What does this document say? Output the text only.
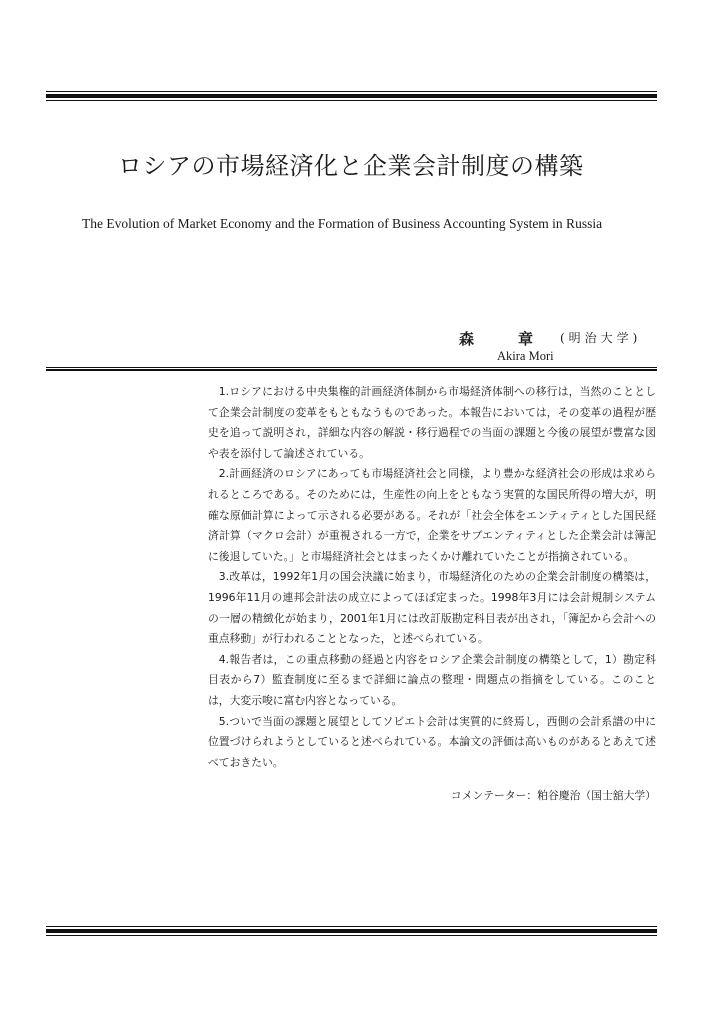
ロシアの市場経済化と企業会計制度の構築
The Evolution of Market Economy and the Formation of Business Accounting System in Russia
森章
(明治大学)
Akira Mori

1.ロシアにおける中央集権的計画経済体制から市場経済体制への移行は，当然のこととして企業会計制度の変革をもともなうものであった。本報告においては，その変革の過程が歴史を追って説明され，詳細な内容の解説・移行過程での当面の課題と今後の展望が豊富な図や表を添付して論述されている。

2.計画経済のロシアにあっても市場経済社会と同様，より豊かな経済社会の形成は求められるところである。そのためには，生産性の向上をともなう実質的な国民所得の増大が，明確な原価計算によって示される必要がある。それが「社会全体をエンティティとした国民経済計算（マクロ会計）が重視される一方で，企業をサブエンティティとした企業会計は簿記に後退していた。」と市場経済社会とはまったくかけ離れていたことが指摘されている。

3.改革は，1992年1月の国会決議に始まり，市場経済化のための企業会計制度の構築は，1996年11月の連邦会計法の成立によってほぼ定まった。1998年3月には会計規制システムの一層の精緻化が始まり，2001年1月には改訂版勘定科目表が出され，「簿記から会計への重点移動」が行われることとなった，と述べられている。

4.報告者は，この重点移動の経過と内容をロシア企業会計制度の構築として，1）勘定科目表から7）監査制度に至るまで詳細に論点の整理・問題点の指摘をしている。このことは，大変示唆に富む内容となっている。

5.ついで当面の課題と展望としてソビエト会計は実質的に終焉し，西側の会計系譜の中に位置づけられようとしていると述べられている。本論文の評価は高いものがあるとあえて述べておきたい。

コメンテーター：粕谷慶治（国士舘大学）
